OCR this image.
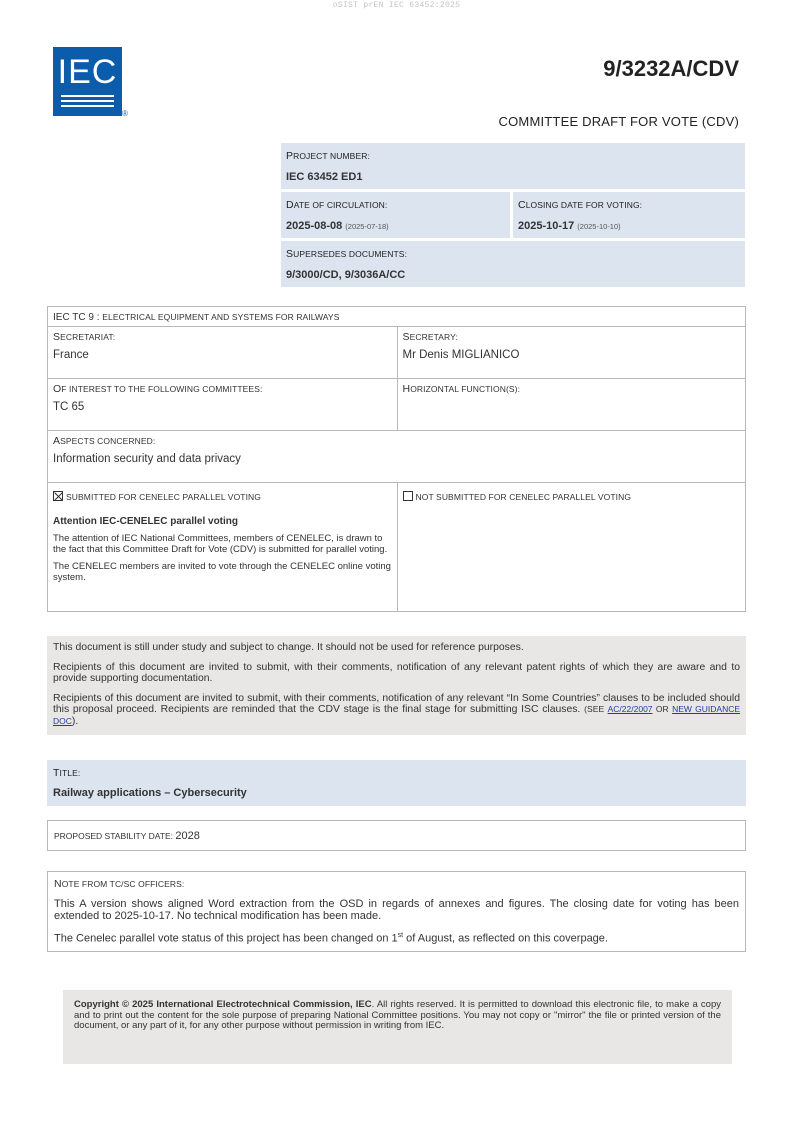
oSIST prEN IEC 63452:2025
IEC
®
9/3232A/CDV
COMMITTEE DRAFT FOR VOTE (CDV)
PROJECT NUMBER:
IEC 63452 ED1
DATE OF CIRCULATION:
2025-08-08 (2025-07-18)
CLOSING DATE FOR VOTING:
2025-10-17 (2025-10-10)
SUPERSEDES DOCUMENTS:
9/3000/CD, 9/3036A/CC
IEC TC 9 : ELECTRICAL EQUIPMENT AND SYSTEMS FOR RAILWAYS
SECRETARIAT:
France
SECRETARY:
Mr Denis MIGLIANICO
OF INTEREST TO THE FOLLOWING COMMITTEES:
TC 65
HORIZONTAL FUNCTION(S):
ASPECTS CONCERNED:
Information security and data privacy
SUBMITTED FOR CENELEC PARALLEL VOTING
Attention IEC-CENELEC parallel voting
The attention of IEC National Committees, members of CENELEC, is drawn to the fact that this Committee Draft for Vote (CDV) is submitted for parallel voting.
The CENELEC members are invited to vote through the CENELEC online voting system.
NOT SUBMITTED FOR CENELEC PARALLEL VOTING

This document is still under study and subject to change. It should not be used for reference purposes.

Recipients of this document are invited to submit, with their comments, notification of any relevant patent rights of which they are aware and to provide supporting documentation.

Recipients of this document are invited to submit, with their comments, notification of any relevant “In Some Countries” clauses to be included should this proposal proceed. Recipients are reminded that the CDV stage is the final stage for submitting ISC clauses. (SEE AC/22/2007 OR NEW GUIDANCE DOC).

TITLE:
Railway applications – Cybersecurity
PROPOSED STABILITY DATE: 2028
NOTE FROM TC/SC OFFICERS:
This A version shows aligned Word extraction from the OSD in regards of annexes and figures. The closing date for voting has been extended to 2025-10-17. No technical modification has been made.
The Cenelec parallel vote status of this project has been changed on 1st of August, as reflected on this coverpage.
Copyright © 2025 International Electrotechnical Commission, IEC. All rights reserved. It is permitted to download this electronic file, to make a copy and to print out the content for the sole purpose of preparing National Committee positions. You may not copy or "mirror" the file or printed version of the document, or any part of it, for any other purpose without permission in writing from IEC.
